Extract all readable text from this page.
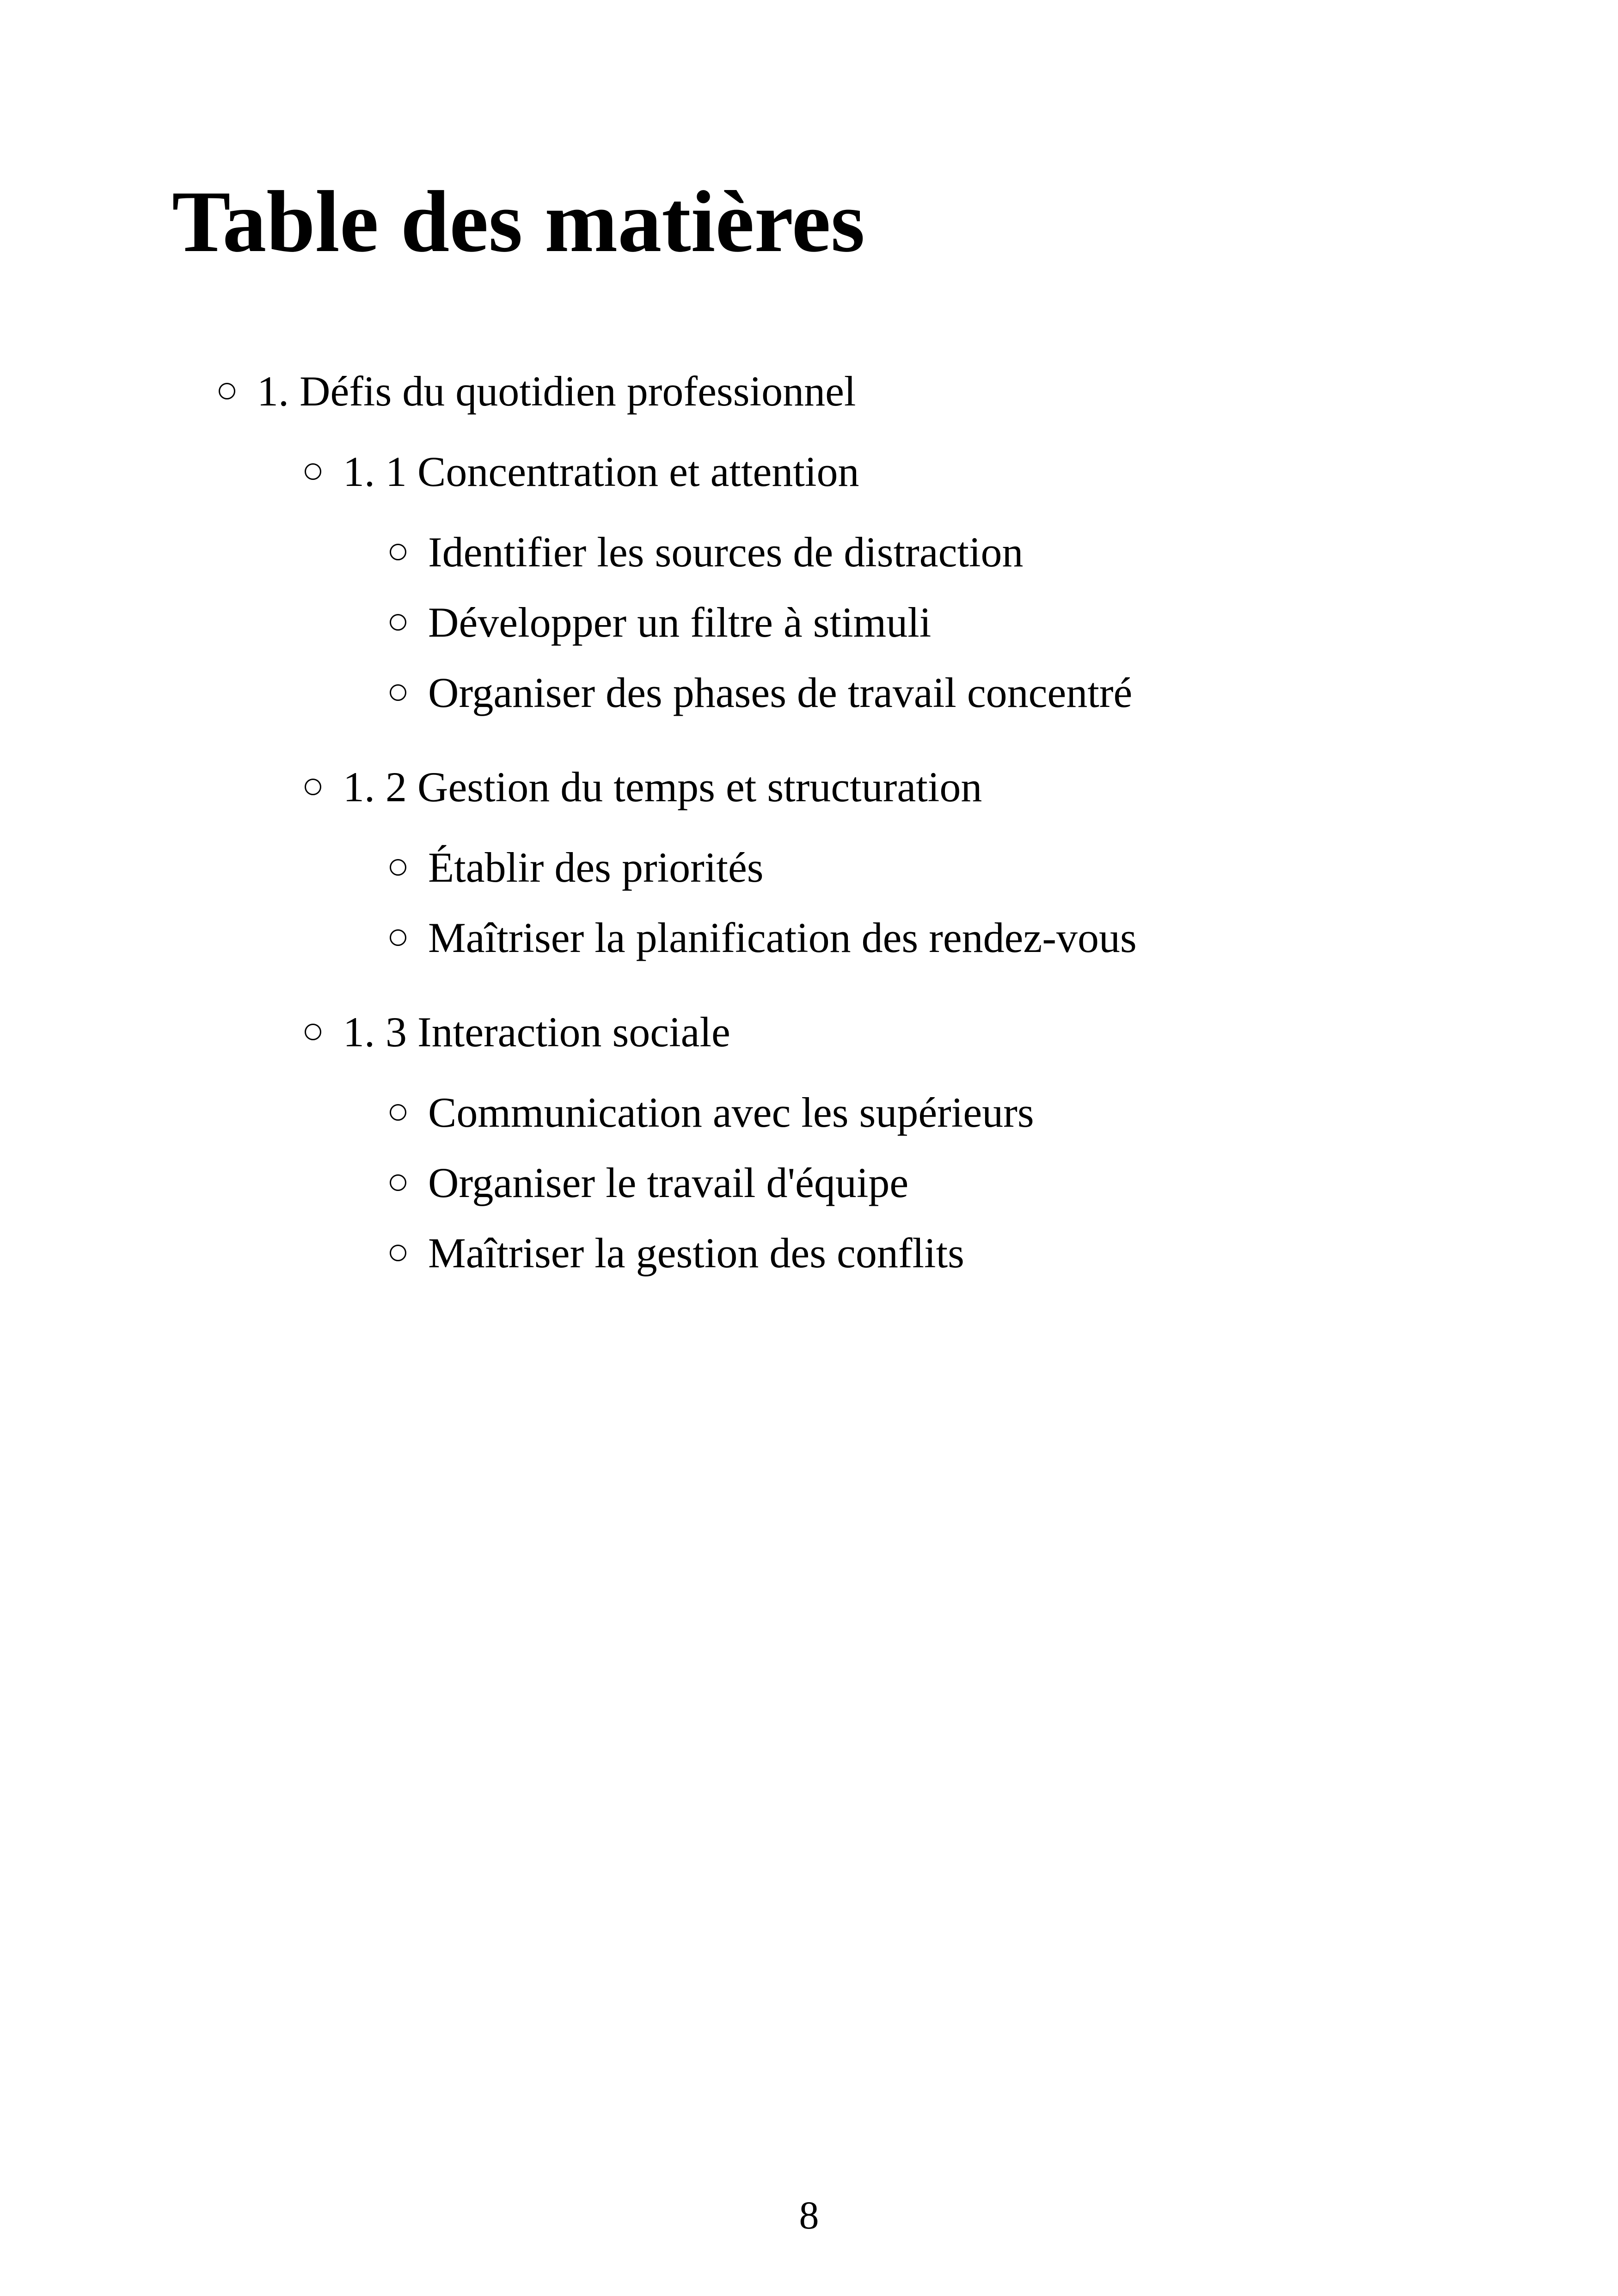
Table des matières
1. Défis du quotidien professionnel
1. 1 Concentration et attention
Identifier les sources de distraction
Développer un filtre à stimuli
Organiser des phases de travail concentré
1. 2 Gestion du temps et structuration
Établir des priorités
Maîtriser la planification des rendez-vous
1. 3 Interaction sociale
Communication avec les supérieurs
Organiser le travail d'équipe
Maîtriser la gestion des conflits
8
